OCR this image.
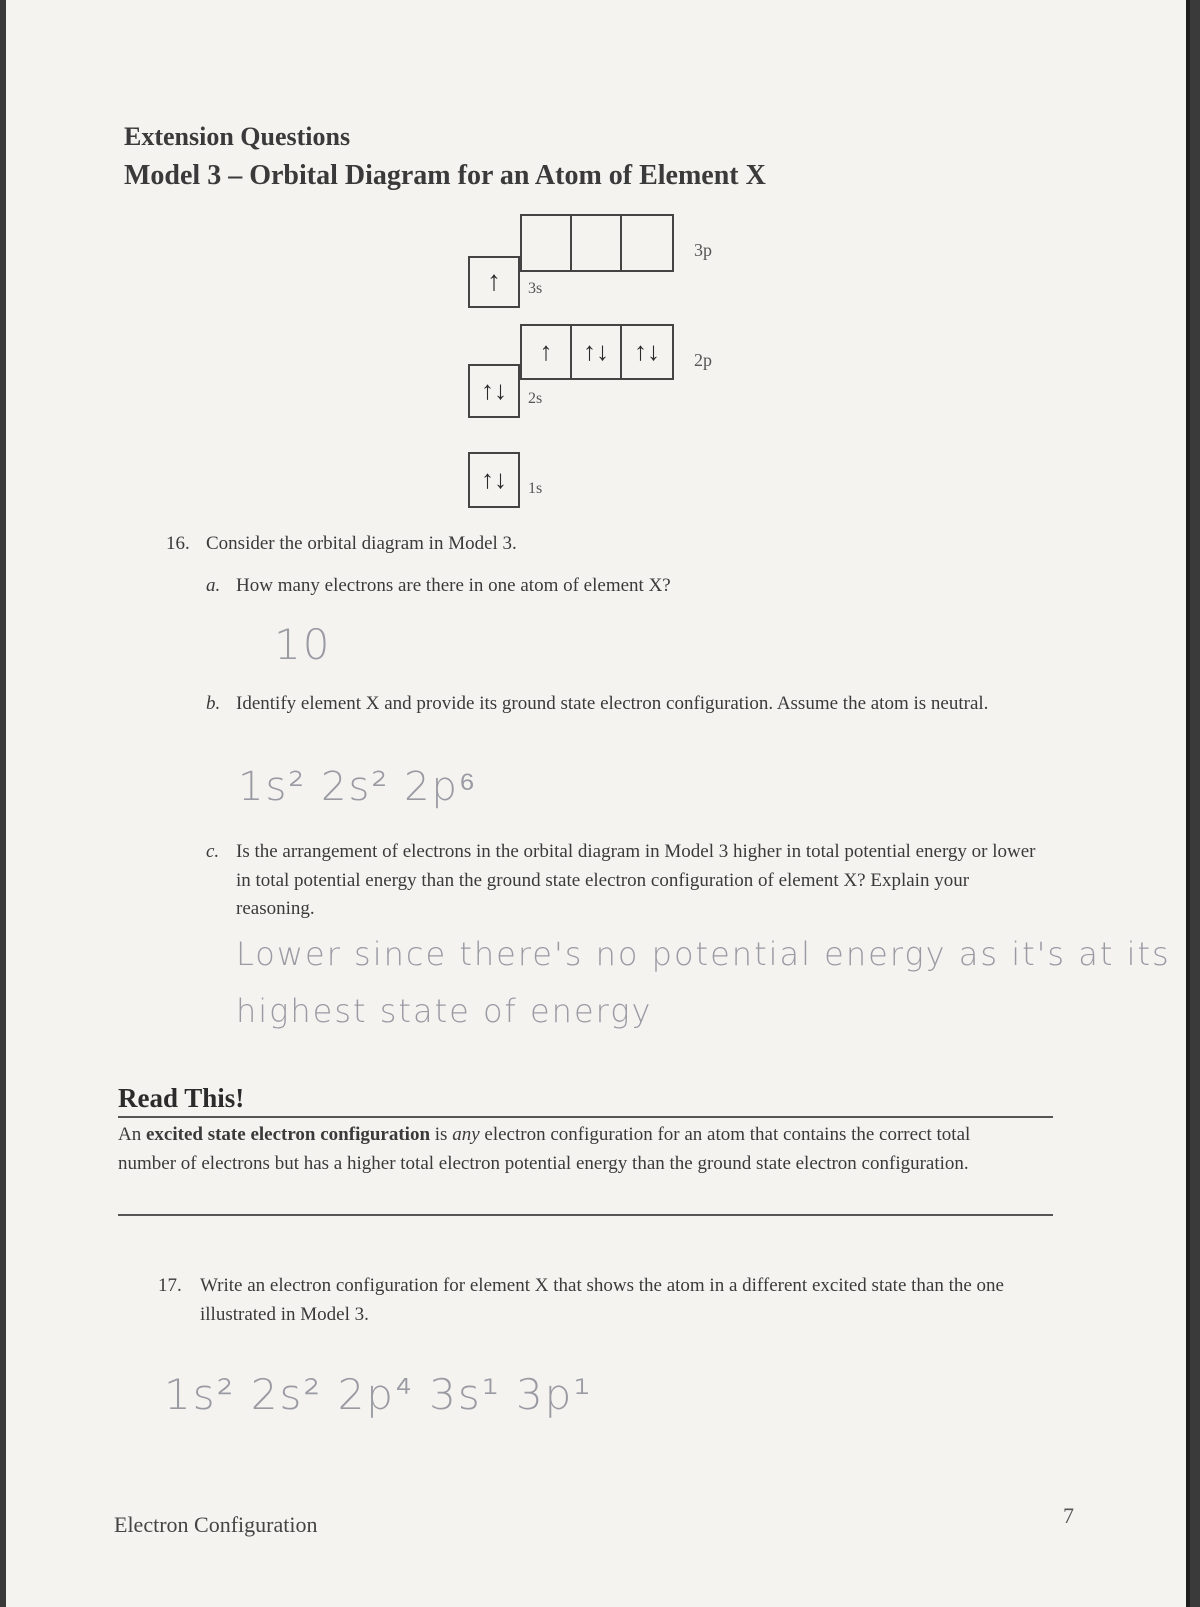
Extension Questions
Model 3 – Orbital Diagram for an Atom of Element X
↑	3s
3p
↑↓	2s
↑	↑↓ ↑↓	2p
↑↓	1s
16. Consider the orbital diagram in Model 3.
a. How many electrons are there in one atom of element X?
10
b. Identify element X and provide its ground state electron configuration. Assume the atom is neutral.
1s² 2s² 2p⁶
c. Is the arrangement of electrons in the orbital diagram in Model 3 higher in total potential energy or lower in total potential energy than the ground state electron configuration of element X? Explain your reasoning.
Lower since there's no potential energy as it's at its
highest state of energy
Read This!
An excited state electron configuration is any electron configuration for an atom that contains the correct total number of electrons but has a higher total electron potential energy than the ground state electron configuration.
17. Write an electron configuration for element X that shows the atom in a different excited state than the one illustrated in Model 3.
1s² 2s² 2p⁴ 3s¹ 3p¹
Electron Configuration	7
